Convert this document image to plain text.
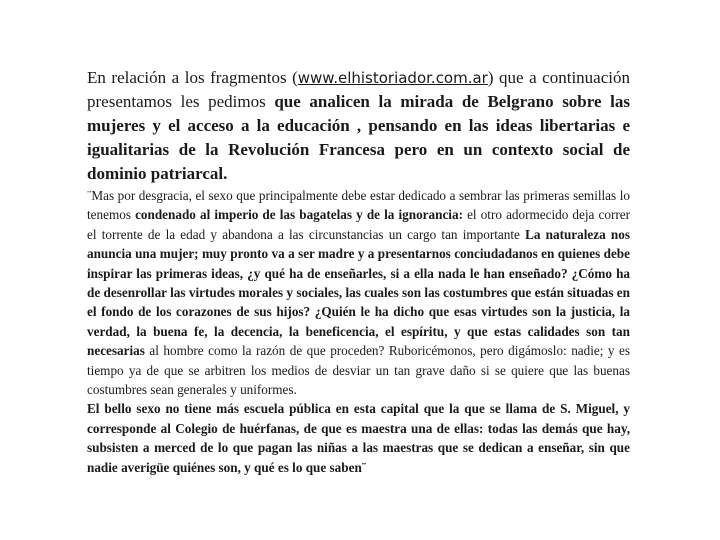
En relación a los fragmentos (www.elhistoriador.com.ar) que a continuación presentamos les pedimos que analicen la mirada de Belgrano sobre las mujeres y el acceso a la educación , pensando en las ideas libertarias e igualitarias de la Revolución Francesa pero en un contexto social de dominio patriarcal.

¨Mas por desgracia, el sexo que principalmente debe estar dedicado a sembrar las primeras semillas lo tenemos condenado al imperio de las bagatelas y de la ignorancia: el otro adormecido deja correr el torrente de la edad y abandona a las circunstancias un cargo tan importante La naturaleza nos anuncia una mujer; muy pronto va a ser madre y a presentarnos conciudadanos en quienes debe inspirar las primeras ideas, ¿y qué ha de enseñarles, si a ella nada le han enseñado? ¿Cómo ha de desenrollar las virtudes morales y sociales, las cuales son las costumbres que están situadas en el fondo de los corazones de sus hijos? ¿Quién le ha dicho que esas virtudes son la justicia, la verdad, la buena fe, la decencia, la beneficencia, el espíritu, y que estas calidades son tan necesarias al hombre como la razón de que proceden? Ruboricémonos, pero digámoslo: nadie; y es tiempo ya de que se arbitren los medios de desviar un tan grave daño si se quiere que las buenas costumbres sean generales y uniformes.

El bello sexo no tiene más escuela pública en esta capital que la que se llama de S. Miguel, y corresponde al Colegio de huérfanas, de que es maestra una de ellas: todas las demás que hay, subsisten a merced de lo que pagan las niñas a las maestras que se dedican a enseñar, sin que nadie averigüe quiénes son, y qué es lo que saben¨
